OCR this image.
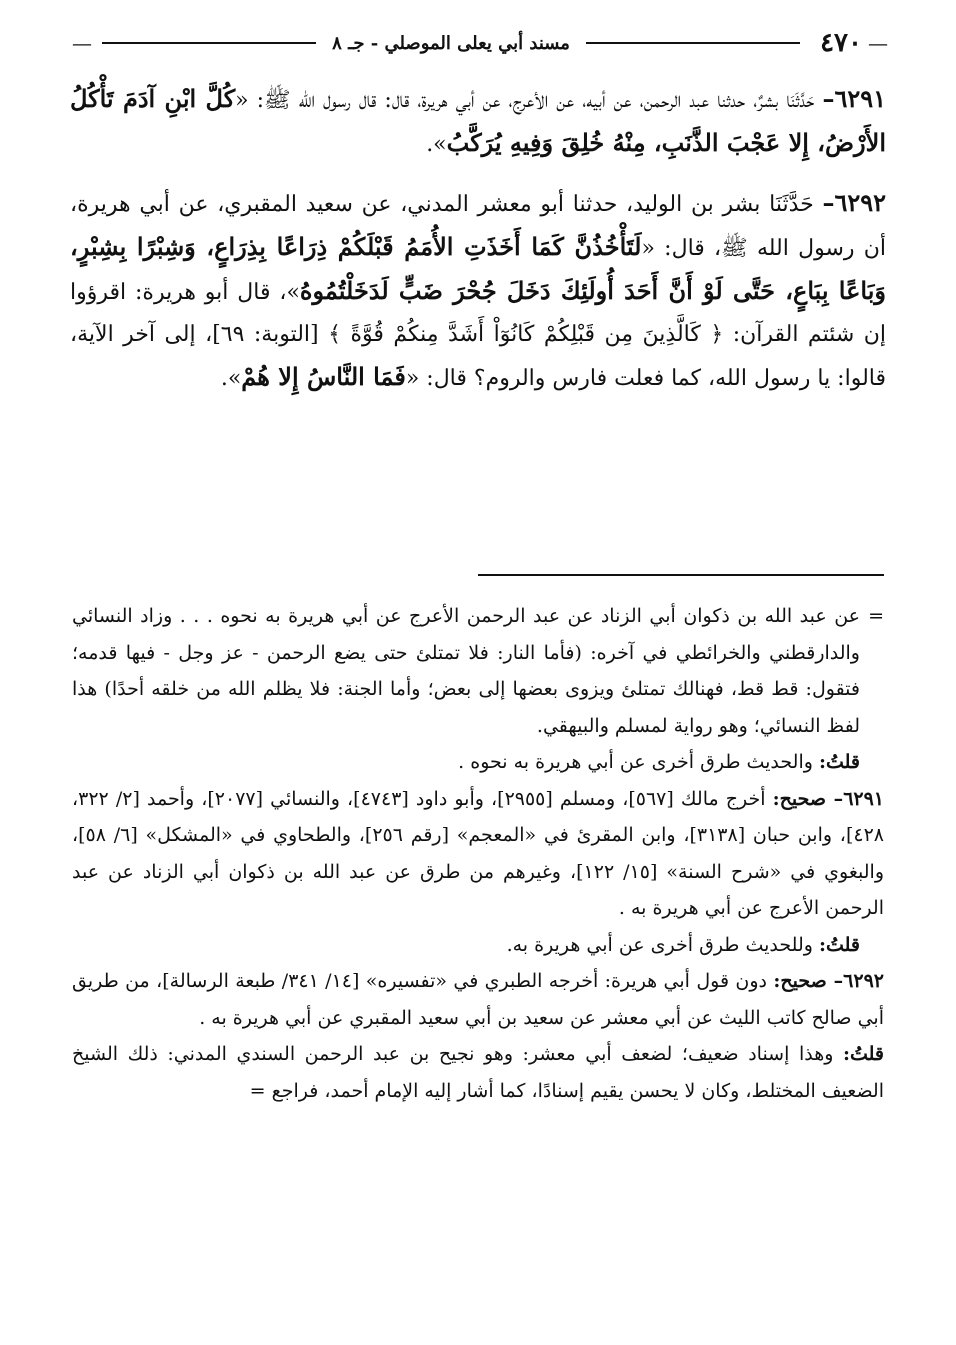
—
٤٧٠
مسند أبي يعلى الموصلي - جـ ٨
—

٦٢٩١– حَدَّثَنَا بشرٌ، حدثنا عبد الرحمن، عن أبيه، عن الأعرج، عن أبي هريرة، قال: قال رسول الله ﷺ: «كُلَّ ابْنِ آدَمَ تَأْكُلُ الأَرْضُ، إِلا عَجْبَ الذَّنَبِ، مِنْهُ خُلِقَ وَفِيهِ يُرَكَّبُ».

٦٢٩٢– حَدَّثَنَا بشر بن الوليد، حدثنا أبو معشر المدني، عن سعيد المقبري، عن أبي هريرة، أن رسول الله ﷺ، قال: «لَتَأْخُذُنَّ كَمَا أَخَذَتِ الأُمَمُ قَبْلَكُمْ ذِرَاعًا بِذِرَاعٍ، وَشِبْرًا بِشِبْرٍ، وَبَاعًا بِبَاعٍ، حَتَّى لَوْ أَنَّ أَحَدَ أُولَئِكَ دَخَلَ جُحْرَ ضَبٍّ لَدَخَلْتُمُوهُ»، قال أبو هريرة: اقرؤوا إن شئتم القرآن: ﴿ كَالَّذِينَ مِن قَبْلِكُمْ كَانُوٓاْ أَشَدَّ مِنكُمْ قُوَّةً ﴾ [التوبة: ٦٩]، إلى آخر الآية، قالوا: يا رسول الله، كما فعلت فارس والروم؟ قال: «فَمَا النَّاسُ إِلا هُمْ».

=عن عبد الله بن ذكوان أبي الزناد عن عبد الرحمن الأعرج عن أبي هريرة به نحوه . . . وزاد النسائي والدارقطني والخرائطي في آخره: (فأما النار: فلا تمتلئ حتى يضع الرحمن - عز وجل - فيها قدمه؛ فتقول: قط قط، فهنالك تمتلئ ويزوى بعضها إلى بعض؛ وأما الجنة: فلا يظلم الله من خلقه أحدًا) هذا لفظ النسائي؛ وهو رواية لمسلم والبيهقي.

قلتُ: والحديث طرق أخرى عن أبي هريرة به نحوه .

٦٢٩١– صحيح: أخرج مالك [٥٦٧]، ومسلم [٢٩٥٥]، وأبو داود [٤٧٤٣]، والنسائي [٢٠٧٧]، وأحمد [٢/ ٣٢٢، ٤٢٨]، وابن حبان [٣١٣٨]، وابن المقرئ في «المعجم» [رقم ٢٥٦]، والطحاوي في «المشكل» [٦/ ٥٨]، والبغوي في «شرح السنة» [١٥/ ١٢٢]، وغيرهم من طرق عن عبد الله بن ذكوان أبي الزناد عن عبد الرحمن الأعرج عن أبي هريرة به .

قلتُ: وللحديث طرق أخرى عن أبي هريرة به.

٦٢٩٢– صحيح: دون قول أبي هريرة: أخرجه الطبري في «تفسيره» [١٤/ ٣٤١/ طبعة الرسالة]، من طريق أبي صالح كاتب الليث عن أبي معشر عن سعيد بن أبي سعيد المقبري عن أبي هريرة به .

قلتُ: وهذا إسناد ضعيف؛ لضعف أبي معشر: وهو نجيح بن عبد الرحمن السندي المدني: ذلك الشيخ الضعيف المختلط، وكان لا يحسن يقيم إسنادًا، كما أشار إليه الإمام أحمد، فراجع =
